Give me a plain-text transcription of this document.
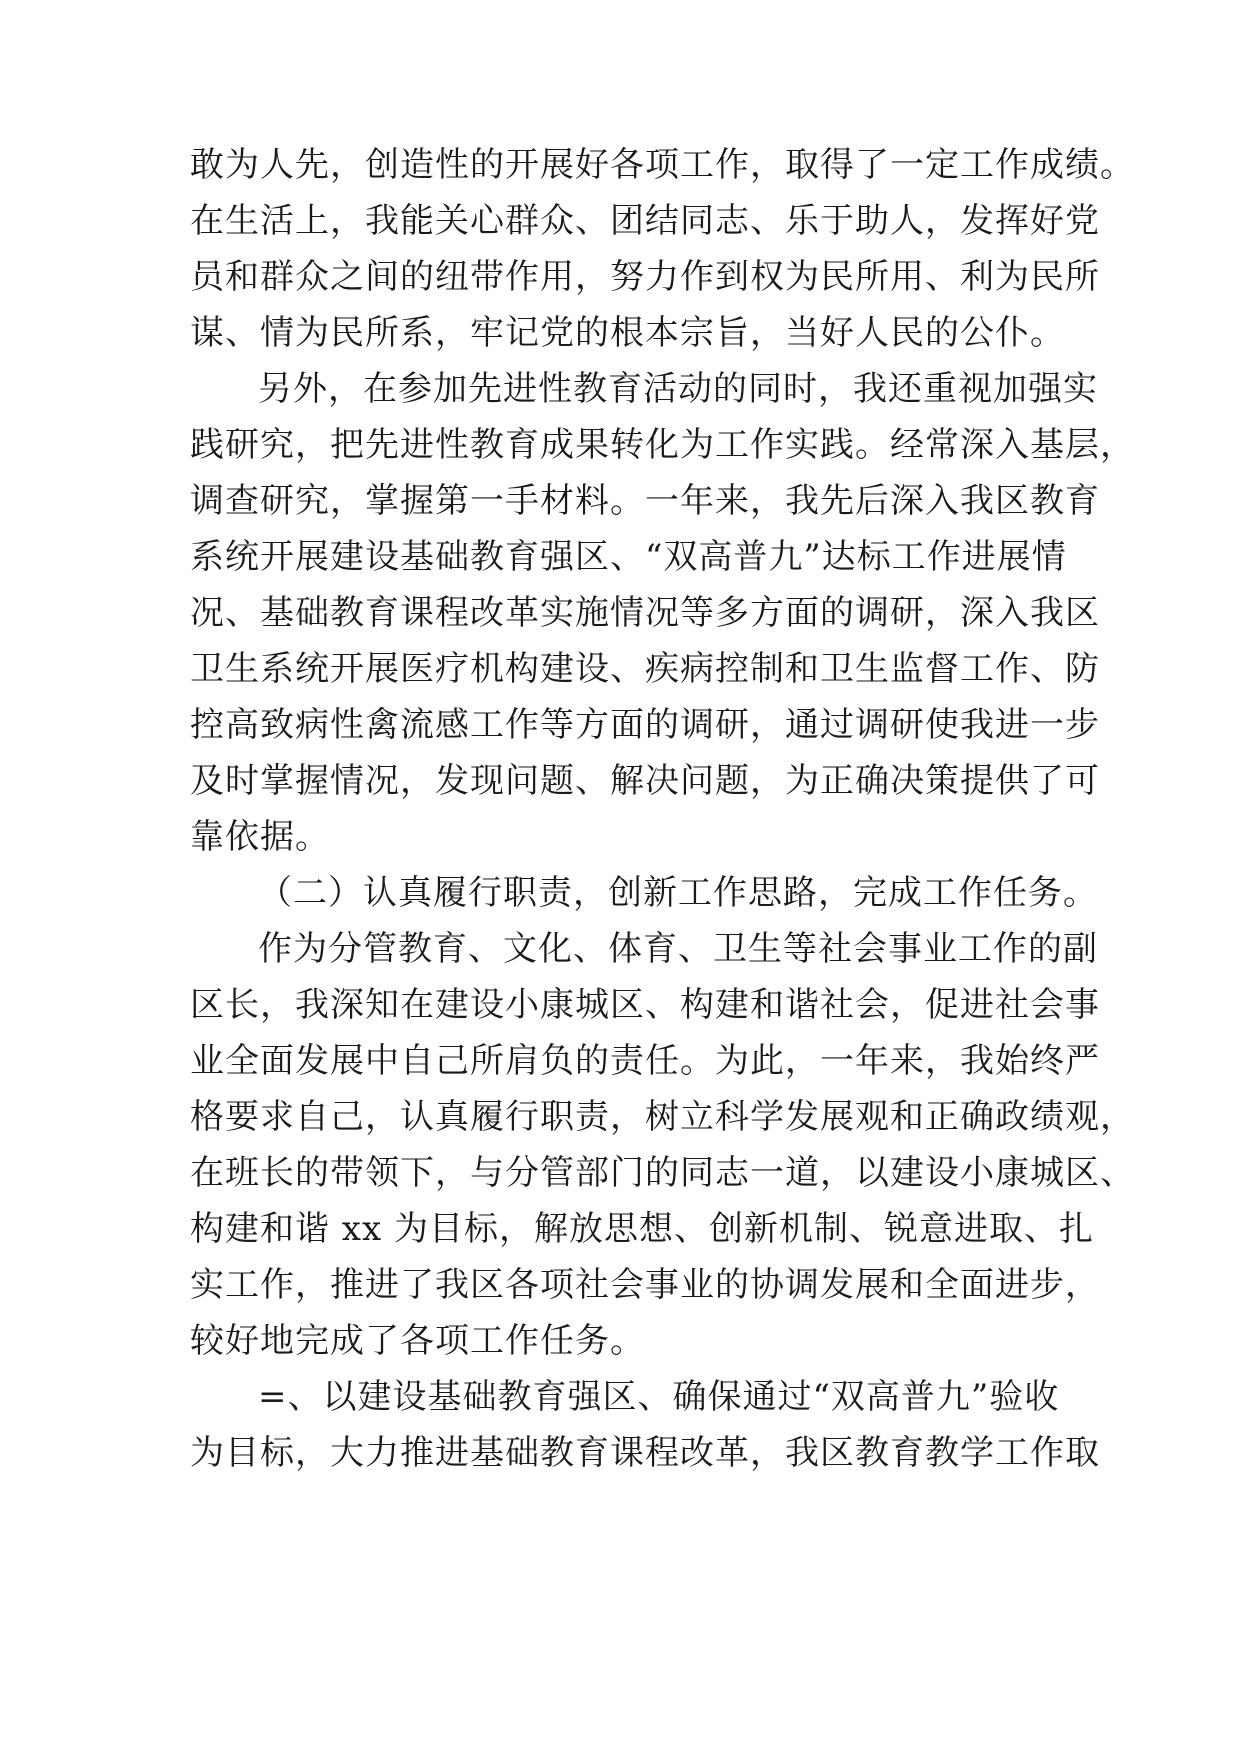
敢为人先，创造性的开展好各项工作，取得了一定工作成绩。
在生活上，我能关心群众、团结同志、乐于助人，发挥好党
员和群众之间的纽带作用，努力作到权为民所用、利为民所
谋、情为民所系，牢记党的根本宗旨，当好人民的公仆。
另外，在参加先进性教育活动的同时，我还重视加强实
践研究，把先进性教育成果转化为工作实践。经常深入基层，
调查研究，掌握第一手材料。一年来，我先后深入我区教育
系统开展建设基础教育强区、“双高普九”达标工作进展情
况、基础教育课程改革实施情况等多方面的调研，深入我区
卫生系统开展医疗机构建设、疾病控制和卫生监督工作、防
控高致病性禽流感工作等方面的调研，通过调研使我进一步
及时掌握情况，发现问题、解决问题，为正确决策提供了可
靠依据。
（二）认真履行职责，创新工作思路，完成工作任务。
作为分管教育、文化、体育、卫生等社会事业工作的副
区长，我深知在建设小康城区、构建和谐社会，促进社会事
业全面发展中自己所肩负的责任。为此，一年来，我始终严
格要求自己，认真履行职责，树立科学发展观和正确政绩观，
在班长的带领下，与分管部门的同志一道，以建设小康城区、
构建和谐 xx 为目标，解放思想、创新机制、锐意进取、扎
实工作，推进了我区各项社会事业的协调发展和全面进步，
较好地完成了各项工作任务。
=、以建设基础教育强区、确保通过“双高普九”验收
为目标，大力推进基础教育课程改革，我区教育教学工作取
